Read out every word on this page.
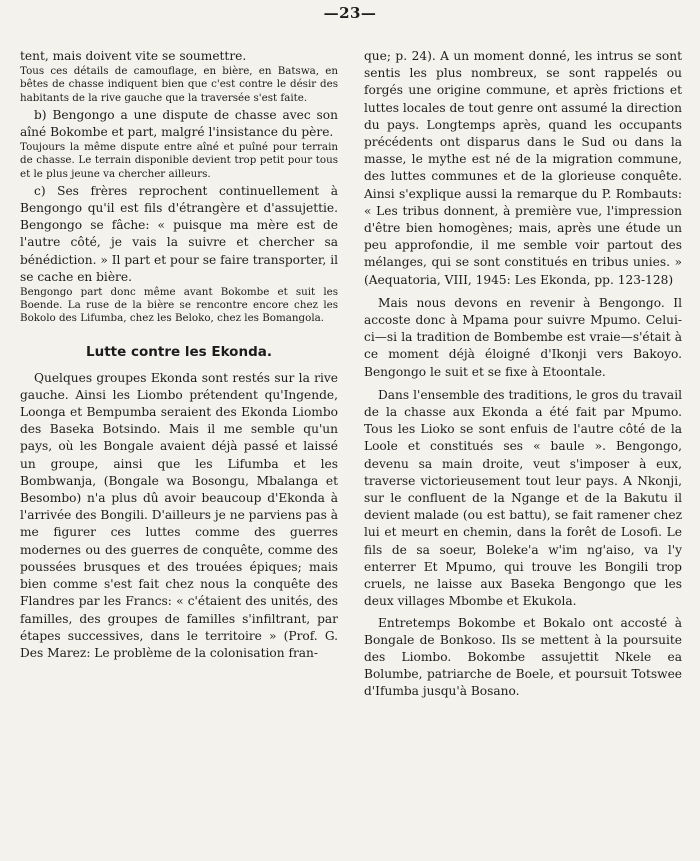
—23—

tent, mais doivent vite se soumettre.

Tous ces détails de camouflage, en bière, en Batswa, en bêtes de chasse indiquent bien que c'est contre le désir des habitants de la rive gauche que la traversée s'est faite.

b) Bengongo a une dispute de chasse avec son aîné Bokombe et part, malgré l'insistance du père.

Toujours la même dispute entre aîné et puîné pour terrain de chasse. Le terrain disponible devient trop petit pour tous et le plus jeune va chercher ailleurs.

c) Ses frères reprochent continuellement à Bengongo qu'il est fils d'étrangère et d'assujettie. Bengongo se fâche: « puisque ma mère est de l'autre côté, je vais la suivre et chercher sa bénédiction. » Il part et pour se faire transporter, il se cache en bière.

Bengongo part donc même avant Bokombe et suit les Boende. La ruse de la bière se rencontre encore chez les Bokolo des Lifumba, chez les Beloko, chez les Bomangola.

Lutte contre les Ekonda.

Quelques groupes Ekonda sont restés sur la rive gauche. Ainsi les Liombo prétendent qu'Ingende, Loonga et Bempumba seraient des Ekonda Liombo des Baseka Botsindo. Mais il me semble qu'un pays, où les Bongale avaient déjà passé et laissé un groupe, ainsi que les Lifumba et les Bombwanja, (Bongale wa Bosongu, Mbalanga et Besombo) n'a plus dû avoir beaucoup d'Ekonda à l'arrivée des Bongili. D'ailleurs je ne parviens pas à me figurer ces luttes comme des guerres modernes ou des guerres de conquête, comme des poussées brusques et des trouées épiques; mais bien comme s'est fait chez nous la conquête des Flandres par les Francs: « c'étaient des unités, des familles, des groupes de familles s'infiltrant, par étapes successives, dans le territoire » (Prof. G. Des Marez: Le problème de la colonisation fran-

que; p. 24). A un moment donné, les intrus se sont sentis les plus nombreux, se sont rappelés ou forgés une origine commune, et après frictions et luttes locales de tout genre ont assumé la direction du pays. Longtemps après, quand les occupants précédents ont disparus dans le Sud ou dans la masse, le mythe est né de la migration commune, des luttes communes et de la glorieuse conquête. Ainsi s'explique aussi la remarque du P. Rombauts: « Les tribus donnent, à première vue, l'impression d'être bien homogènes; mais, après une étude un peu approfondie, il me semble voir partout des mélanges, qui se sont constitués en tribus unies. » (Aequatoria, VIII, 1945: Les Ekonda, pp. 123-128)

Mais nous devons en revenir à Bengongo. Il accoste donc à Mpama pour suivre Mpumo. Celui-ci—si la tradition de Bombembe est vraie—s'était à ce moment déjà éloigné d'Ikonji vers Bakoyo. Bengongo le suit et se fixe à Etoontale.

Dans l'ensemble des traditions, le gros du travail de la chasse aux Ekonda a été fait par Mpumo. Tous les Lioko se sont enfuis de l'autre côté de la Loole et constitués ses « baule ». Bengongo, devenu sa main droite, veut s'imposer à eux, traverse victorieusement tout leur pays. A Nkonji, sur le confluent de la Ngange et de la Bakutu il devient malade (ou est battu), se fait ramener chez lui et meurt en chemin, dans la forêt de Losofi. Le fils de sa soeur, Boleke'a w'im ng'aiso, va l'y enterrer Et Mpumo, qui trouve les Bongili trop cruels, ne laisse aux Baseka Bengongo que les deux villages Mbombe et Ekukola.

Entretemps Bokombe et Bokalo ont accosté à Bongale de Bonkoso. Ils se mettent à la poursuite des Liombo. Bokombe assujettit Nkele ea Bolumbe, patriarche de Boele, et poursuit Totswee d'Ifumba jusqu'à Bosano.
